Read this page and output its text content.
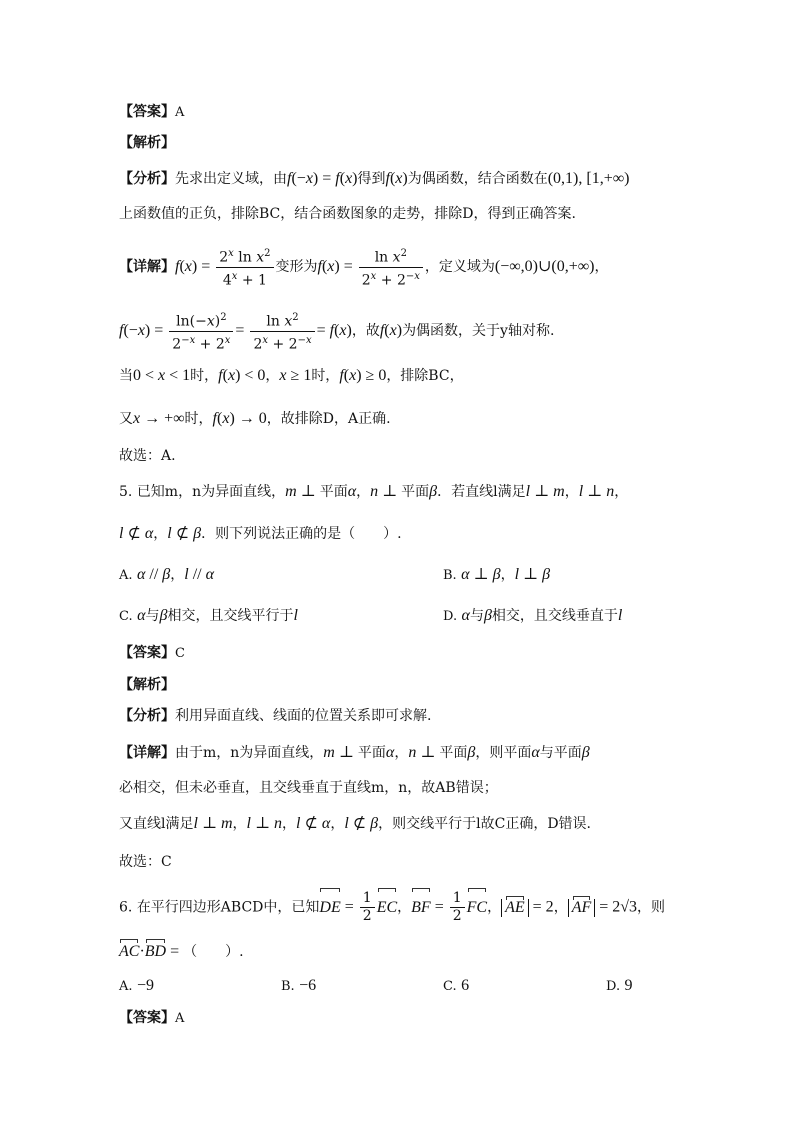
【答案】A
【解析】
【分析】先求出定义域，由f(−x) = f(x)得到f(x)为偶函数，结合函数在(0,1), [1,+∞)
上函数值的正负，排除BC，结合函数图象的走势，排除D，得到正确答案.
【详解】$f(x) = \frac{2^x \ln x^2}{4^x + 1}$ 变形为$f(x) = \frac{\ln x^2}{2^x + 2^{-x}}$ ，定义域为(−∞,0)∪(0,+∞)，
$f(-x) = \frac{\ln(-x)^2}{2^{-x} + 2^x} = \frac{\ln x^2}{2^x + 2^{-x}} = f(x)$，故f(x)为偶函数，关于y轴对称.
当0 < x < 1时，f(x) < 0，x ≥ 1时，f(x) ≥ 0，排除BC，
又x → +∞时，f(x) → 0，故排除D，A正确.
故选：A.
5. 已知m，n为异面直线，m ⊥ 平面α，n ⊥ 平面β．若直线l满足l ⊥ m，l ⊥ n，
l ⊄ α，l ⊄ β．则下列说法正确的是（　　）.
A. α // β，l // α	B. α ⊥ β，l ⊥ β
C. α与β相交，且交线平行于l	D. α与β相交，且交线垂直于l
【答案】C
【解析】
【分析】利用异面直线、线面的位置关系即可求解.
【详解】由于m，n为异面直线，m ⊥ 平面α，n ⊥ 平面β，则平面α与平面β
必相交，但未必垂直，且交线垂直于直线m，n，故AB错误；
又直线l满足l ⊥ m，l ⊥ n，l ⊄ α，l ⊄ β，则交线平行于l故C正确，D错误.
故选：C
6. 在平行四边形ABCD中，已知DE = $\frac{1}{2}$ EC，BF = $\frac{1}{2}$ FC， AE = 2， AF = 2√3，则
AC·BD = （　　）.
A. −9	B. −6	C. 6	D. 9
【答案】A
